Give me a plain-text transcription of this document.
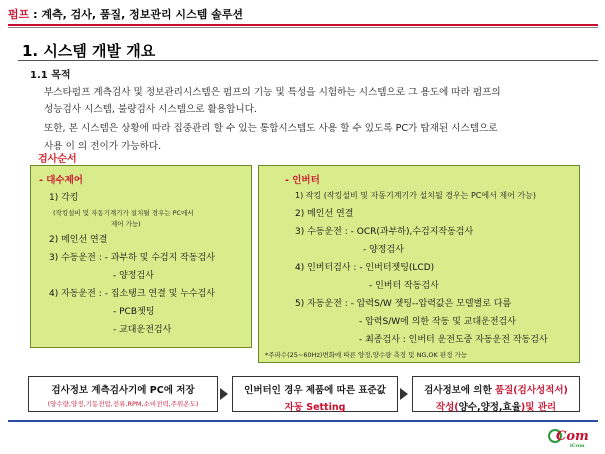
펌프 : 계측, 검사, 품질, 정보관리 시스템 솔루션
1. 시스템 개발 개요
1.1 목적
부스타펌프 계측검사 및 정보관리시스템은 펌프의 기능 및 특성을 시험하는 시스템으로 그 용도에 따라 펌프의
성능검사 시스템, 불량검사 시스템으로 활용합니다.
또한, 본 시스템은 상황에 따라 집중관리 할 수 있는 통합시스템도 사용 할 수 있도록 PC가 탑재된 시스템으로
사용 이 의 전이가 가능하다.
검사순서
- 대수제어
1) 각킹
(작킹설비 및 자동기계기가 설치될 경우는 PC에서
제어 가능)
2) 메인선 연결
3) 수동운전 : - 과부하 및 수검지 작동검사
- 양정검사
4) 자동운전 : - 집소탱크 연결 및 누수검사
- PCB젯팅
- 교대운전검사
- 인버터
1) 작킹 (작킹설비 및 자동기계기가 설치될 경우는 PC에서 제어 가능)
2) 메인선 연결
3) 수동운전 : - OCR(과부하),수검지작동검사
- 양정검사
4) 인버터검사 : - 인버터젯팅(LCD)
- 인버터 작동검사
5) 자동운전 : - 압력S/W 젯팅--압력값은 모델별로 다름
- 압력S/W에 의한 작동 및 교대운전검사
- 최종검사 : 인버터 운전도중 자동운전 작동검사
*주파수(25~60Hz)변화에 따른 양정,양수량 측정 및 NG,OK 판정 가능
검사정보 계측검사기에 PC에 저장
(양수량,양정,기동전압,전류,RPM,소비전력,주위온도)
인버터인 경우 제품에 따른 표준값
자동 Setting
검사정보에 의한 품질(검사성적서)
작성(양수,양정,효율)및 관리
Com
iCom
